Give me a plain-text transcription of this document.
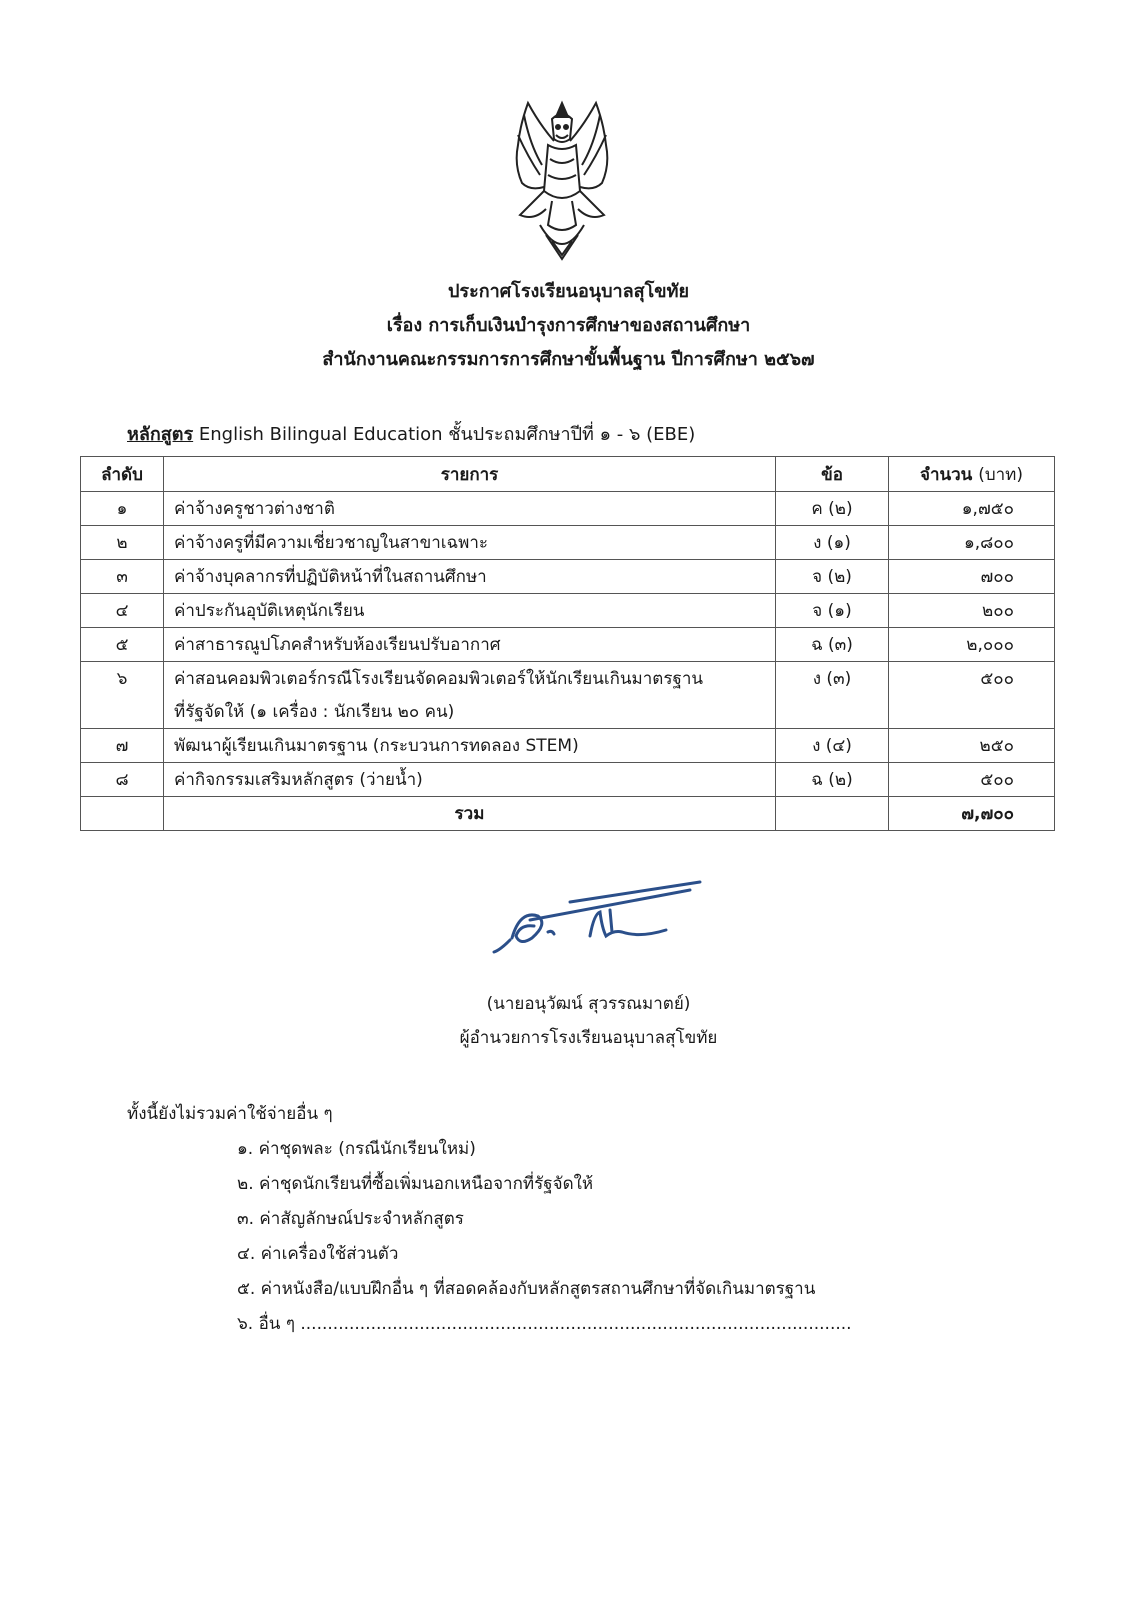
ประกาศโรงเรียนอนุบาลสุโขทัย
เรื่อง การเก็บเงินบำรุงการศึกษาของสถานศึกษา
สำนักงานคณะกรรมการการศึกษาขั้นพื้นฐาน ปีการศึกษา ๒๕๖๗
หลักสูตร English Bilingual Education ชั้นประถมศึกษาปีที่ ๑ - ๖ (EBE)
ลำดับ	รายการ	ข้อ	จำนวน (บาท)
๑	ค่าจ้างครูชาวต่างชาติ	ค (๒)	๑,๗๕๐
๒	ค่าจ้างครูที่มีความเชี่ยวชาญในสาขาเฉพาะ	ง (๑)	๑,๘๐๐
๓	ค่าจ้างบุคลากรที่ปฏิบัติหน้าที่ในสถานศึกษา	จ (๒)	๗๐๐
๔	ค่าประกันอุบัติเหตุนักเรียน	จ (๑)	๒๐๐
๕	ค่าสาธารณูปโภคสำหรับห้องเรียนปรับอากาศ	ฉ (๓)	๒,๐๐๐
๖	ค่าสอนคอมพิวเตอร์กรณีโรงเรียนจัดคอมพิวเตอร์ให้นักเรียนเกินมาตรฐาน	ง (๓)	๕๐๐
	ที่รัฐจัดให้ (๑ เครื่อง : นักเรียน ๒๐ คน)		
๗	พัฒนาผู้เรียนเกินมาตรฐาน (กระบวนการทดลอง STEM)	ง (๔)	๒๕๐
๘	ค่ากิจกรรมเสริมหลักสูตร (ว่ายน้ำ)	ฉ (๒)	๕๐๐
	รวม		๗,๗๐๐
(นายอนุวัฒน์ สุวรรณมาตย์)
ผู้อำนวยการโรงเรียนอนุบาลสุโขทัย
ทั้งนี้ยังไม่รวมค่าใช้จ่ายอื่น ๆ
๑. ค่าชุดพละ (กรณีนักเรียนใหม่)
๒. ค่าชุดนักเรียนที่ซื้อเพิ่มนอกเหนือจากที่รัฐจัดให้
๓. ค่าสัญลักษณ์ประจำหลักสูตร
๔. ค่าเครื่องใช้ส่วนตัว
๕. ค่าหนังสือ/แบบฝึกอื่น ๆ ที่สอดคล้องกับหลักสูตรสถานศึกษาที่จัดเกินมาตรฐาน
๖. อื่น ๆ ......................................................................................................
